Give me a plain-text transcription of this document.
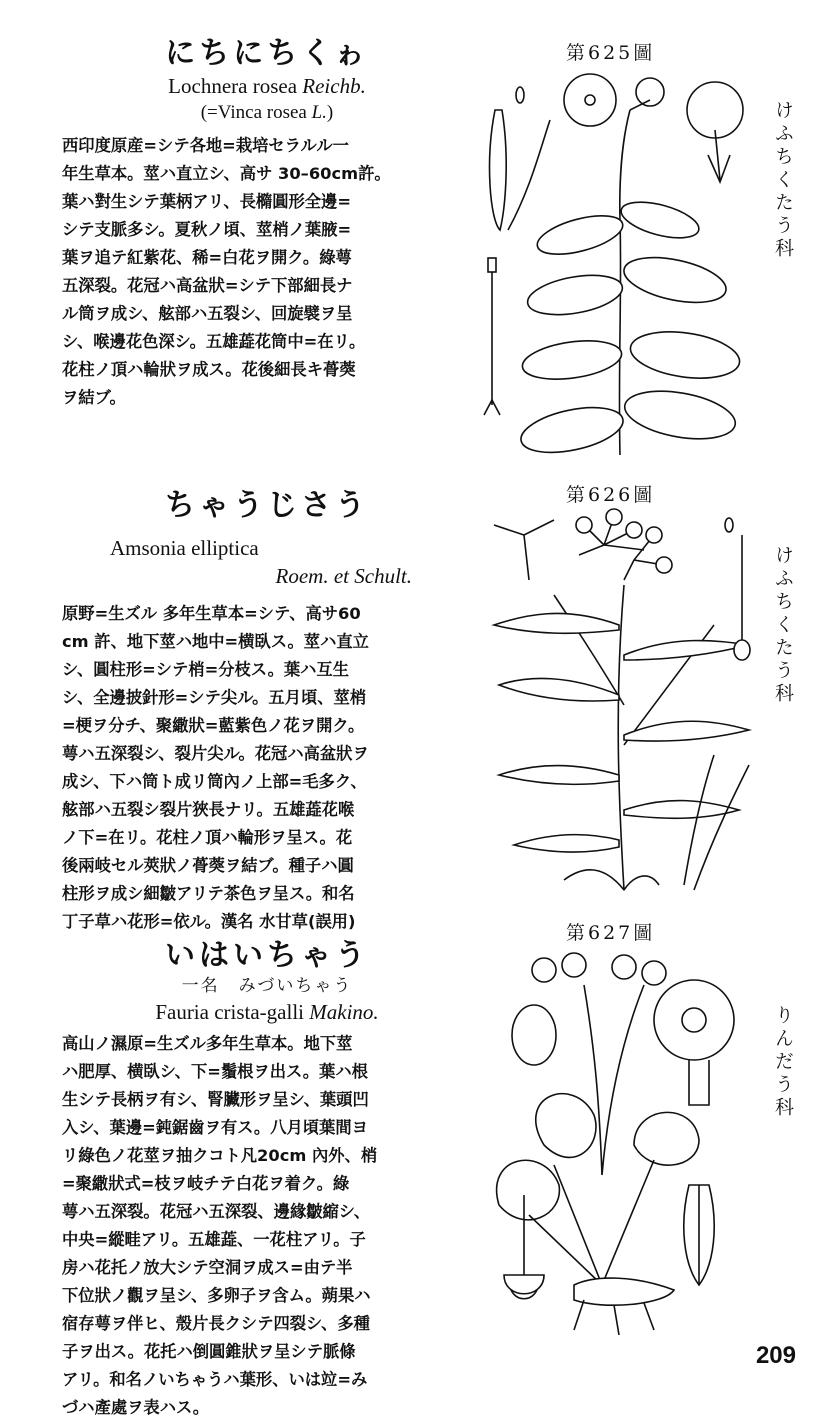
にちにちくゎ
Lochnera rosea Reichb.
(=Vinca rosea L.)
西印度原産=シテ各地=栽培セラルル一
年生草本。莖ハ直立シ、高サ 30–60cm許。
葉ハ對生シテ葉柄アリ、長橢圓形全邊=
シテ支脈多シ。夏秋ノ頃、莖梢ノ葉腋=
葉ヲ追テ紅紫花、稀=白花ヲ開ク。綠萼
五深裂。花冠ハ高盆狀=シテ下部細長ナ
ル筒ヲ成シ、舷部ハ五裂シ、回旋襞ヲ呈
シ、喉邊花色深シ。五雄蕋花筒中=在リ。
花柱ノ頂ハ輪狀ヲ成ス。花後細長キ蓇葖
ヲ結ブ。
第625圖
けふちくたう科
ちゃうじさう
Amsonia elliptica
Roem. et Schult.
原野=生ズル 多年生草本=シテ、高サ60
cm 許、地下莖ハ地中=横臥ス。莖ハ直立
シ、圓柱形=シテ梢=分枝ス。葉ハ互生
シ、全邊披針形=シテ尖ル。五月頃、莖梢
=梗ヲ分チ、聚繖狀=藍紫色ノ花ヲ開ク。
萼ハ五深裂シ、裂片尖ル。花冠ハ高盆狀ヲ
成シ、下ハ筒ト成リ筒內ノ上部=毛多ク、
舷部ハ五裂シ裂片狹長ナリ。五雄蕋花喉
ノ下=在リ。花柱ノ頂ハ輪形ヲ呈ス。花
後兩岐セル莢狀ノ蓇葖ヲ結ブ。種子ハ圓
柱形ヲ成シ細皺アリテ茶色ヲ呈ス。和名
丁子草ハ花形=依ル。漢名 水甘草(誤用)
第626圖
けふちくたう科
いはいちゃう
一名　みづいちゃう
Fauria crista-galli Makino.
高山ノ濕原=生ズル多年生草本。地下莖
ハ肥厚、横臥シ、下=鬚根ヲ出ス。葉ハ根
生シテ長柄ヲ有シ、腎臟形ヲ呈シ、葉頭凹
入シ、葉邊=鈍鋸齒ヲ有ス。八月頃葉間ヨ
リ綠色ノ花莖ヲ抽クコト凡20cm 內外、梢
=聚繖狀式=枝ヲ岐チテ白花ヲ着ク。綠
萼ハ五深裂。花冠ハ五深裂、邊緣皺縮シ、
中央=縱畦アリ。五雄蕋、一花柱アリ。子
房ハ花托ノ放大シテ空洞ヲ成ス=由テ半
下位狀ノ觀ヲ呈シ、多卵子ヲ含ム。蒴果ハ
宿存萼ヲ伴ヒ、殼片長クシテ四裂シ、多種
子ヲ出ス。花托ハ倒圓錐狀ヲ呈シテ脈條
アリ。和名ノいちゃうハ葉形、いは竝=み
づハ產處ヲ表ハス。
第627圖
りんだう科
209
